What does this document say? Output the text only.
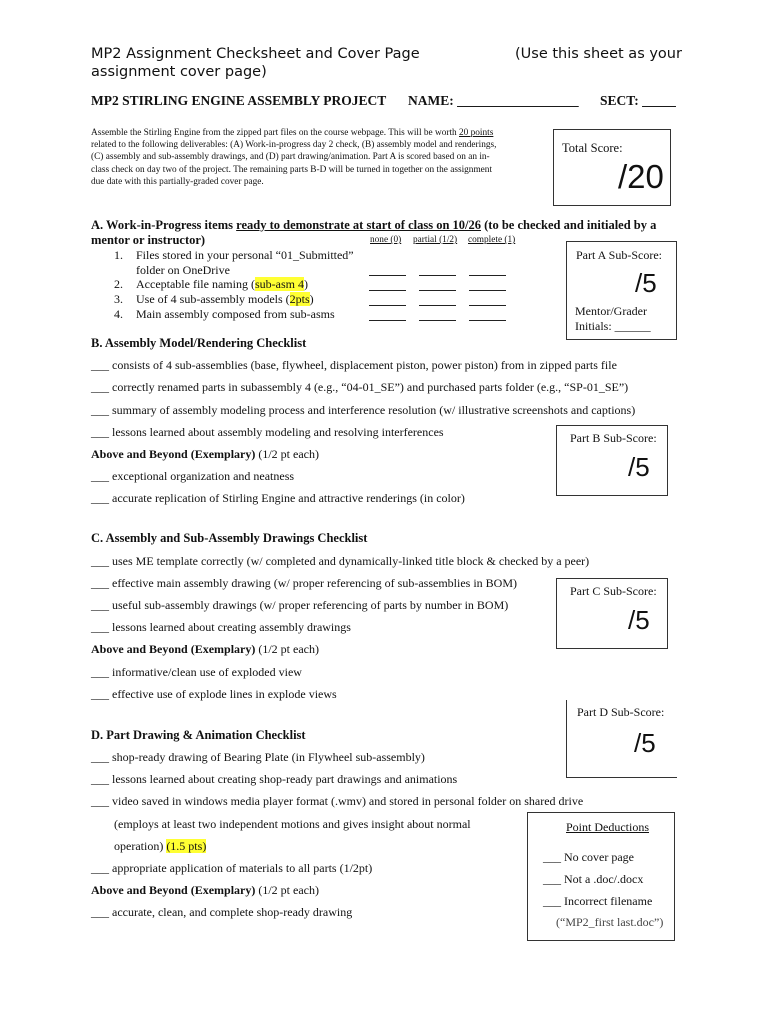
MP2 Assignment Checksheet and Cover Page	(Use this sheet as your
assignment cover page)
MP2 STIRLING ENGINE ASSEMBLY PROJECT NAME: __________________ SECT: _____
Assemble the Stirling Engine from the zipped part files on the course webpage. This will be worth 20 points
related to the following deliverables: (A) Work-in-progress day 2 check, (B) assembly model and renderings,
(C) assembly and sub-assembly drawings, and (D) part drawing/animation. Part A is scored based on an in-
class check on day two of the project. The remaining parts B-D will be turned in together on the assignment
due date with this partially-graded cover page.
Total Score:
/20
A. Work-in-Progress items ready to demonstrate at start of class on 10/26 (to be checked and initialed by a
mentor or instructor)	none (0) partial (1/2) complete (1)
1. Files stored in your personal “01_Submitted”
folder on OneDrive
2. Acceptable file naming (sub-asm 4)
3. Use of 4 sub-assembly models (2pts)
4. Main assembly composed from sub-asms
Part A Sub-Score:
/5
Mentor/Grader
Initials: ______
B. Assembly Model/Rendering Checklist
___ consists of 4 sub-assemblies (base, flywheel, displacement piston, power piston) from in zipped parts file
___ correctly renamed parts in subassembly 4 (e.g., “04-01_SE”) and purchased parts folder (e.g., “SP-01_SE”)
___ summary of assembly modeling process and interference resolution (w/ illustrative screenshots and captions)
___ lessons learned about assembly modeling and resolving interferences
Above and Beyond (Exemplary) (1/2 pt each)
___ exceptional organization and neatness
___ accurate replication of Stirling Engine and attractive renderings (in color)
Part B Sub-Score:
/5
C. Assembly and Sub-Assembly Drawings Checklist
___ uses ME template correctly (w/ completed and dynamically-linked title block & checked by a peer)
___ effective main assembly drawing (w/ proper referencing of sub-assemblies in BOM)
___ useful sub-assembly drawings (w/ proper referencing of parts by number in BOM)
___ lessons learned about creating assembly drawings
Above and Beyond (Exemplary) (1/2 pt each)
___ informative/clean use of exploded view
___ effective use of explode lines in explode views
Part C Sub-Score:
/5
D. Part Drawing & Animation Checklist
___ shop-ready drawing of Bearing Plate (in Flywheel sub-assembly)
___ lessons learned about creating shop-ready part drawings and animations
___ video saved in windows media player format (.wmv) and stored in personal folder on shared drive
(employs at least two independent motions and gives insight about normal
operation) (1.5 pts)
___ appropriate application of materials to all parts (1/2pt)
Above and Beyond (Exemplary) (1/2 pt each)
___ accurate, clean, and complete shop-ready drawing
Part D Sub-Score:
/5
Point Deductions
___ No cover page
___ Not a .doc/.docx
___ Incorrect filename
(“MP2_first last.doc”)
